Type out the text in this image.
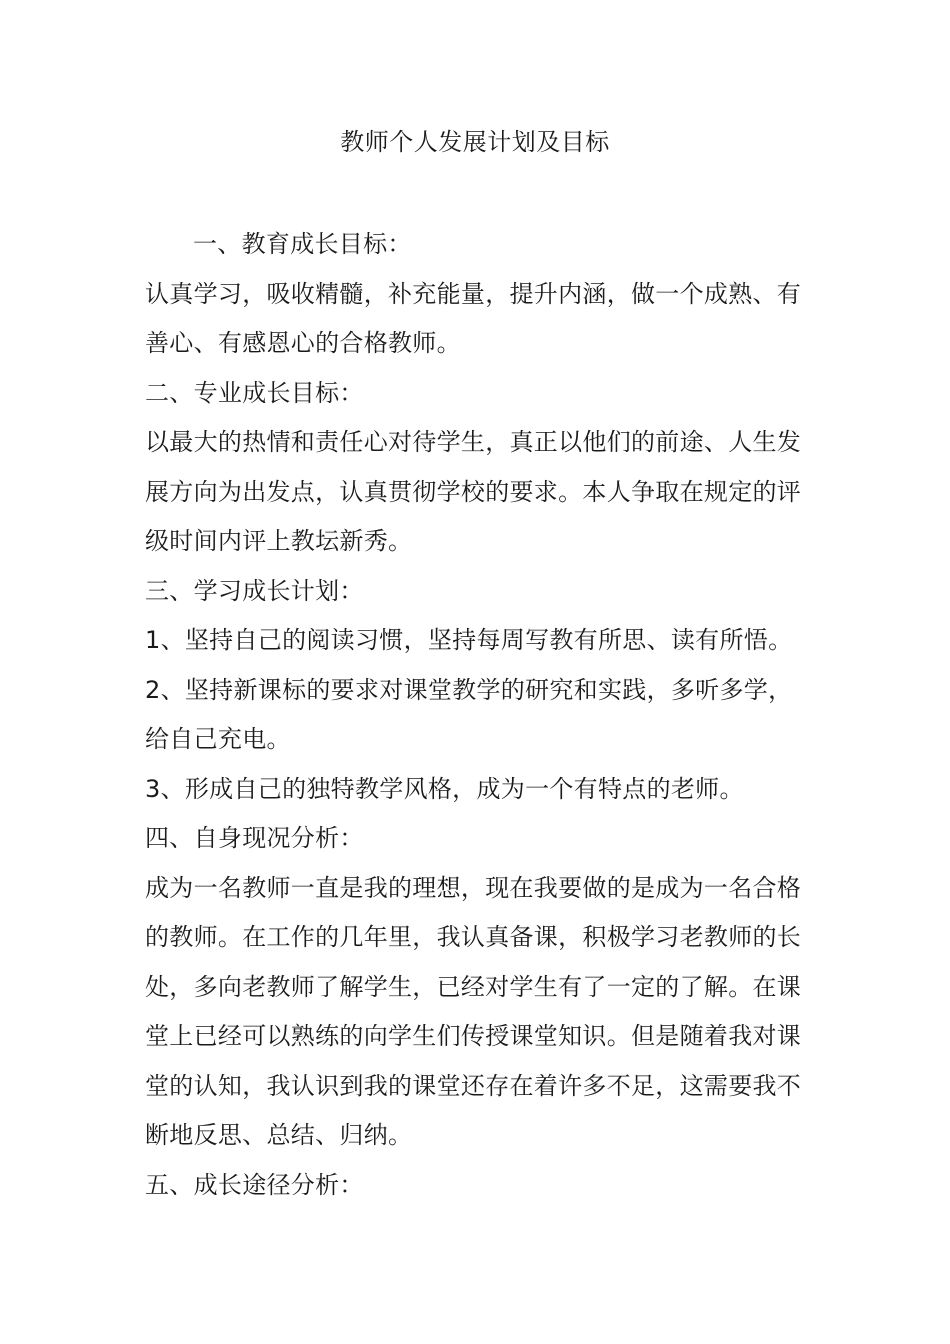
教师个人发展计划及目标

一、教育成长目标：

认真学习，吸收精髓，补充能量，提升内涵，做一个成熟、有善心、有感恩心的合格教师。

二、专业成长目标：

以最大的热情和责任心对待学生，真正以他们的前途、人生发展方向为出发点，认真贯彻学校的要求。本人争取在规定的评级时间内评上教坛新秀。

三、学习成长计划：

1、坚持自己的阅读习惯，坚持每周写教有所思、读有所悟。

2、坚持新课标的要求对课堂教学的研究和实践，多听多学，给自己充电。

3、形成自己的独特教学风格，成为一个有特点的老师。

四、自身现况分析：

成为一名教师一直是我的理想，现在我要做的是成为一名合格的教师。在工作的几年里，我认真备课，积极学习老教师的长处，多向老教师了解学生，已经对学生有了一定的了解。在课堂上已经可以熟练的向学生们传授课堂知识。但是随着我对课堂的认知，我认识到我的课堂还存在着许多不足，这需要我不断地反思、总结、归纳。

五、成长途径分析：
